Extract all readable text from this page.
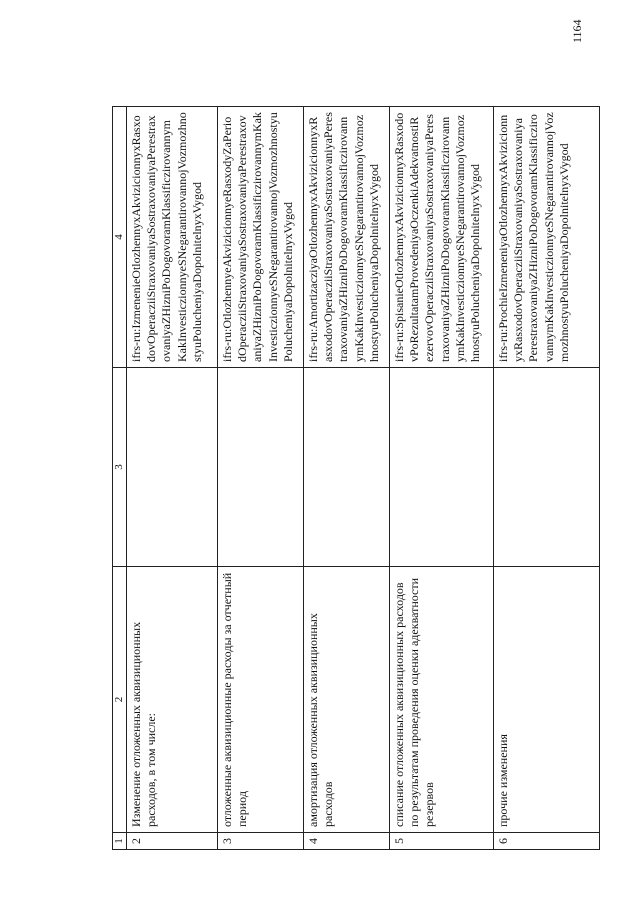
1	2	3	4
2	Изменение отложенных аквизиционных расходов, в том числе:		ifrs-ru:IzmenenieOtlozhennyxAkvizicionnyxRasxodovOperacziiStraxovaniyaSostraxovaniyaPerestraxovaniyaZHizniPoDogovoramKlassificzirovannymKakInvesticzionnyeSNegarantirovannojVozmozhnostyuPolucheniyaDopolnitelnyxVygod
3	отложенные аквизиционные расходы за отчетный период		ifrs-ru:OtlozhennyeAkvizicionnyeRasxodyZaPeriodOperacziiStraxovaniyaSostraxovaniyaPerestraxovaniyaZHizniPoDogovoramKlassificzirovannymKakInvesticzionnyeSNegarantirovannojVozmozhnostyuPolucheniyaDopolnitelnyxVygod
4	амортизация отложенных аквизиционных расходов		ifrs-ru:AmortizacziyaOtlozhennyxAkvizicionnyxRasxodovOperacziiStraxovaniyaSostraxovaniyaPerestraxovaniyaZHizniPoDogovoramKlassificzirovannymKakInvesticzionnyeSNegarantirovannojVozmozhnostyuPolucheniyaDopolnitelnyxVygod
5	списание отложенных аквизиционных расходов по результатам проведения оценки адекватности резервов		ifrs-ru:SpisanieOtlozhennyxAkvizicionnyxRasxodovPoRezultatamProvedeniyaOczenkiAdekvatnostiRezervovOperacziiStraxovaniyaSostraxovaniyaPerestraxovaniyaZHizniPoDogovoramKlassificzirovannymKakInvesticzionnyeSNegarantirovannojVozmozhnostyuPolucheniyaDopolnitelnyxVygod
6	прочие изменения		ifrs-ru:ProchieIzmeneniyaOtlozhennyxAkvizicionnyxRasxodovOperacziiStraxovaniyaSostraxovaniyaPerestraxovaniyaZHizniPoDogovoramKlassificzirovannymKakInvesticzionnyeSNegarantirovannojVozmozhnostyuPolucheniyaDopolnitelnyxVygod
1164
